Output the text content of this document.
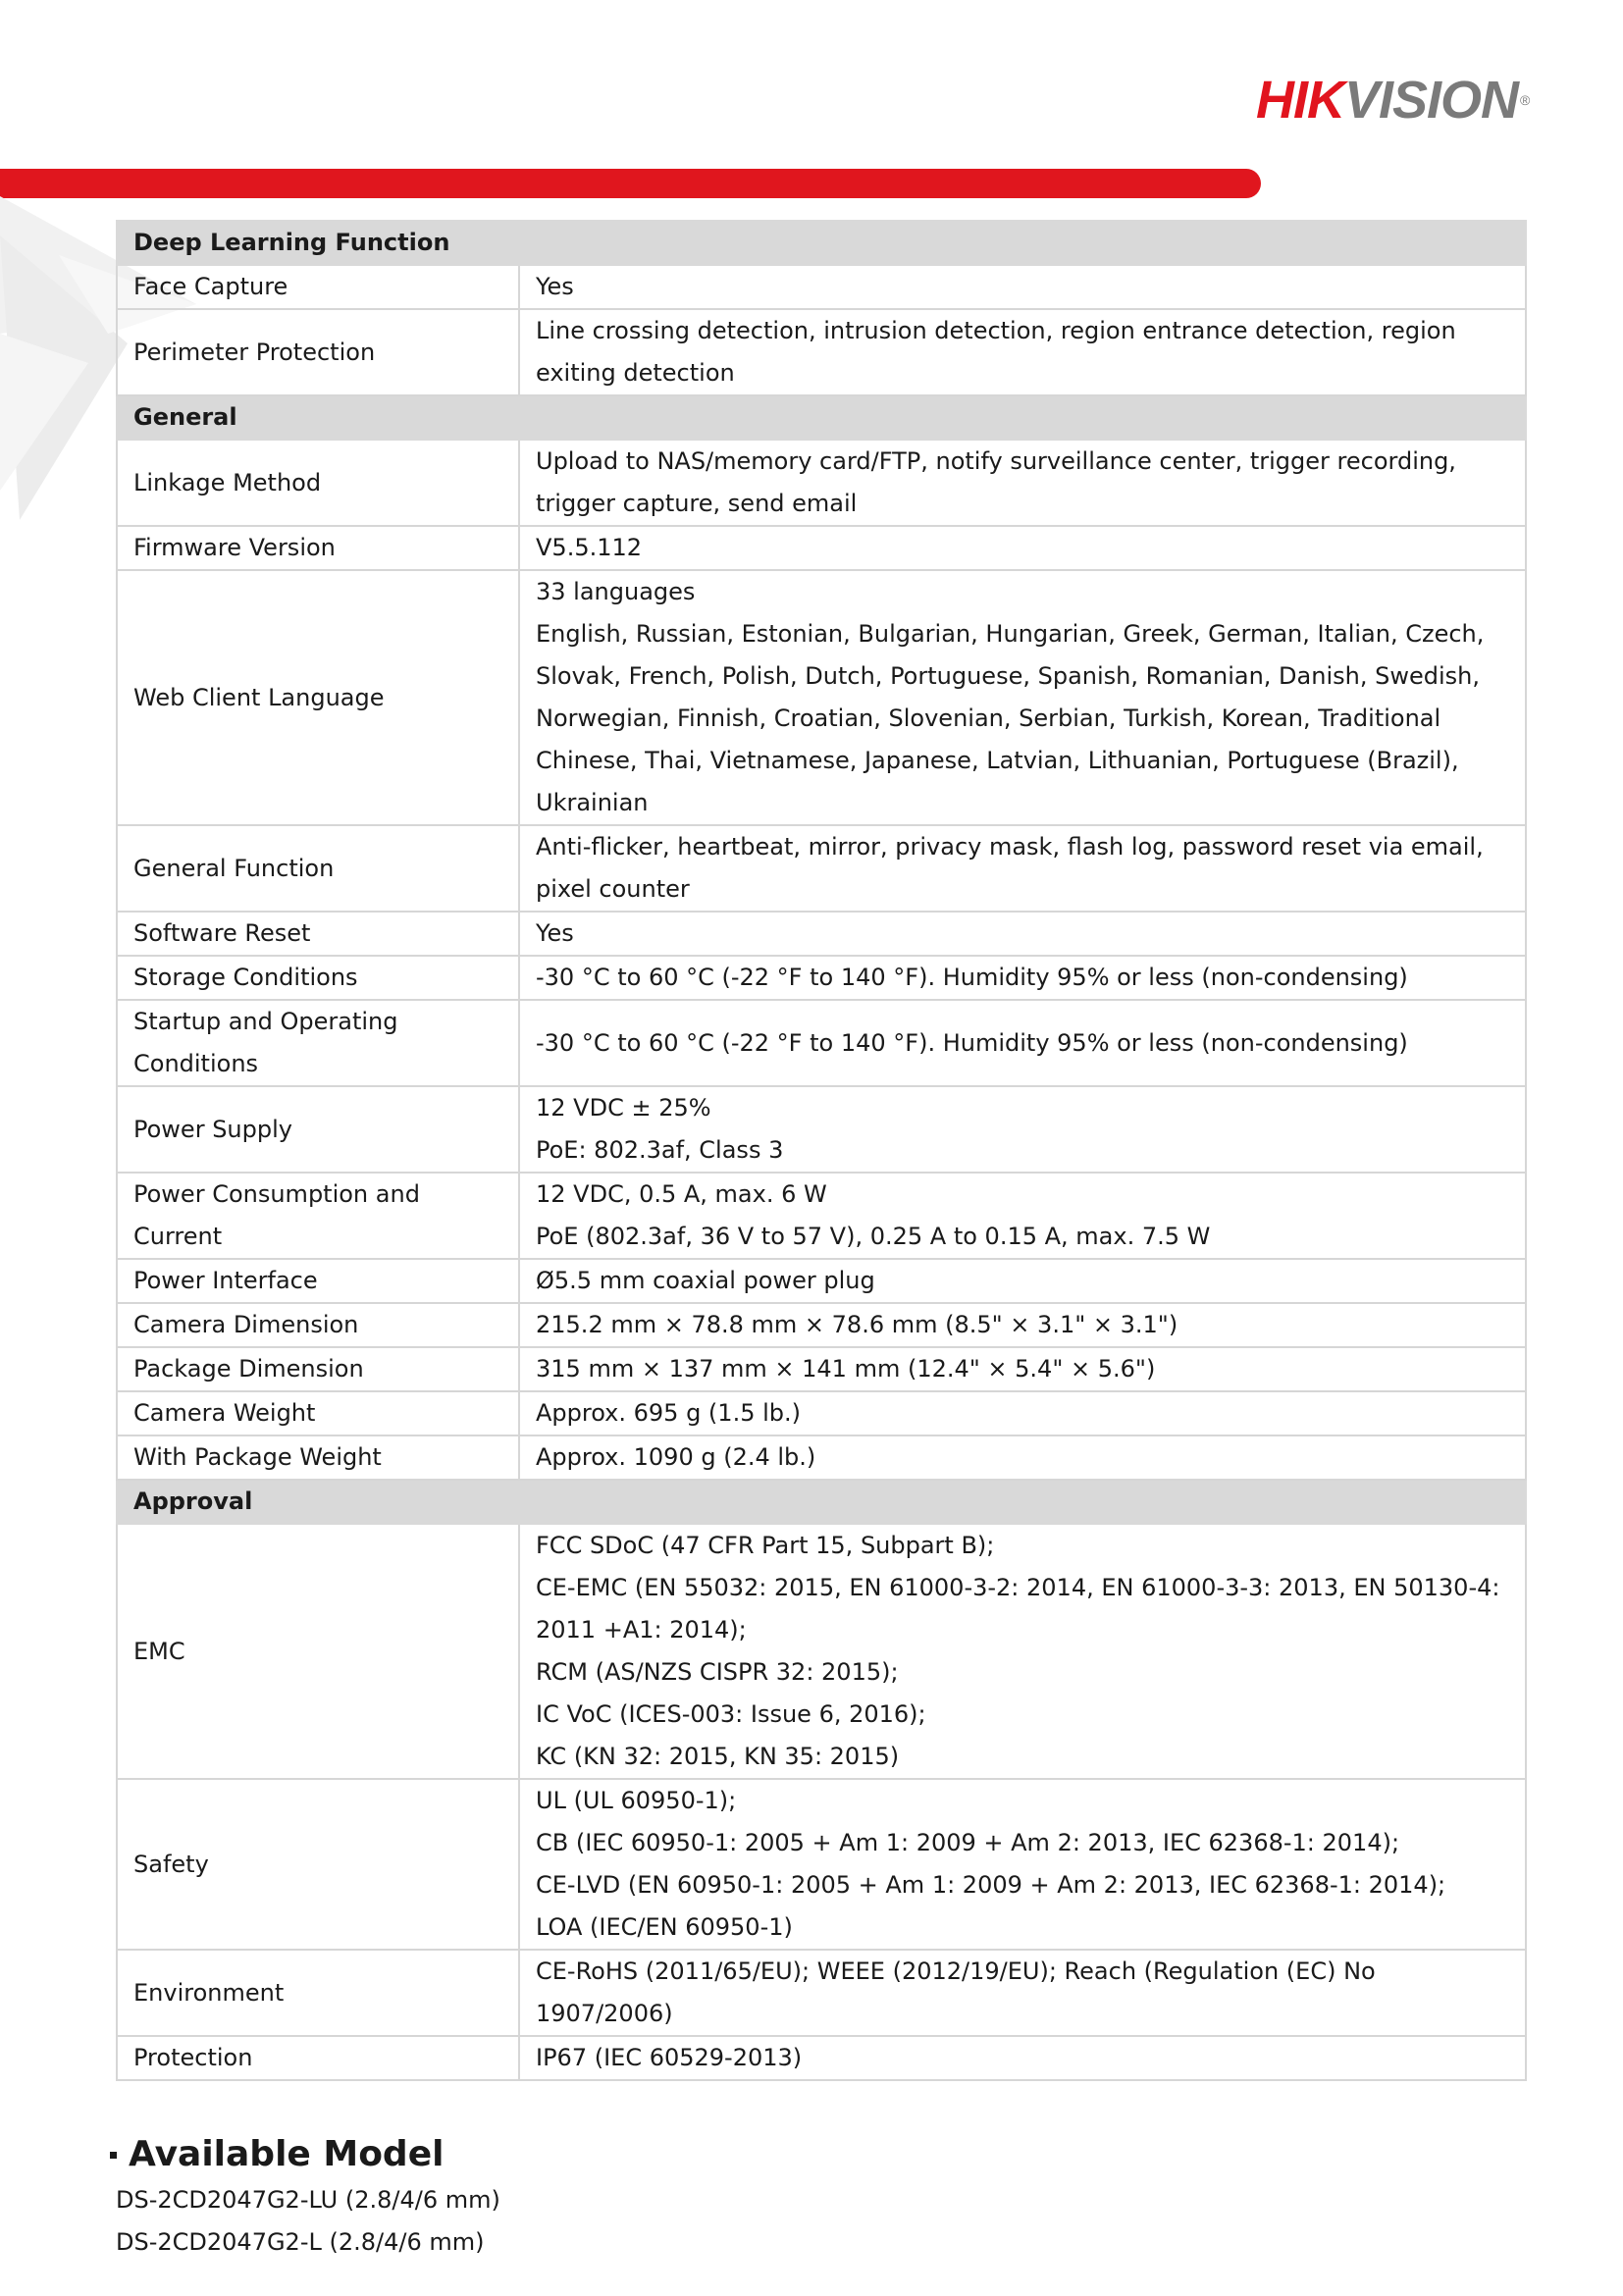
HIKVISION ®
Deep Learning Function	
Face Capture	Yes

Perimeter Protection	Line crossing detection, intrusion detection, region entrance detection, region exiting detection

General	
Linkage Method	Upload to NAS/memory card/FTP, notify surveillance center, trigger recording, trigger capture, send email

Firmware Version	V5.5.112

Web Client Language	33 languages
English, Russian, Estonian, Bulgarian, Hungarian, Greek, German, Italian, Czech, Slovak, French, Polish, Dutch, Portuguese, Spanish, Romanian, Danish, Swedish, Norwegian, Finnish, Croatian, Slovenian, Serbian, Turkish, Korean, Traditional Chinese, Thai, Vietnamese, Japanese, Latvian, Lithuanian, Portuguese (Brazil), Ukrainian

General Function	Anti-flicker, heartbeat, mirror, privacy mask, flash log, password reset via email, pixel counter

Software Reset	Yes

Storage Conditions	-30 °C to 60 °C (-22 °F to 140 °F). Humidity 95% or less (non-condensing)

Startup and Operating Conditions	-30 °C to 60 °C (-22 °F to 140 °F). Humidity 95% or less (non-condensing)

Power Supply	12 VDC ± 25%
PoE: 802.3af, Class 3

Power Consumption and Current	12 VDC, 0.5 A, max. 6 W
PoE (802.3af, 36 V to 57 V), 0.25 A to 0.15 A, max. 7.5 W

Power Interface	Ø5.5 mm coaxial power plug

Camera Dimension	215.2 mm × 78.8 mm × 78.6 mm (8.5" × 3.1" × 3.1")

Package Dimension	315 mm × 137 mm × 141 mm (12.4" × 5.4" × 5.6")

Camera Weight	Approx. 695 g (1.5 lb.)

With Package Weight	Approx. 1090 g (2.4 lb.)

Approval	
EMC	FCC SDoC (47 CFR Part 15, Subpart B);
CE-EMC (EN 55032: 2015, EN 61000-3-2: 2014, EN 61000-3-3: 2013, EN 50130-4: 2011 +A1: 2014);
RCM (AS/NZS CISPR 32: 2015);
IC VoC (ICES-003: Issue 6, 2016);
KC (KN 32: 2015, KN 35: 2015)

Safety	UL (UL 60950-1);
CB (IEC 60950-1: 2005 + Am 1: 2009 + Am 2: 2013, IEC 62368-1: 2014);
CE-LVD (EN 60950-1: 2005 + Am 1: 2009 + Am 2: 2013, IEC 62368-1: 2014);
LOA (IEC/EN 60950-1)

Environment	CE-RoHS (2011/65/EU); WEEE (2012/19/EU); Reach (Regulation (EC) No 1907/2006)

Protection	IP67 (IEC 60529-2013)
Available Model
DS-2CD2047G2-LU (2.8/4/6 mm)
DS-2CD2047G2-L (2.8/4/6 mm)
